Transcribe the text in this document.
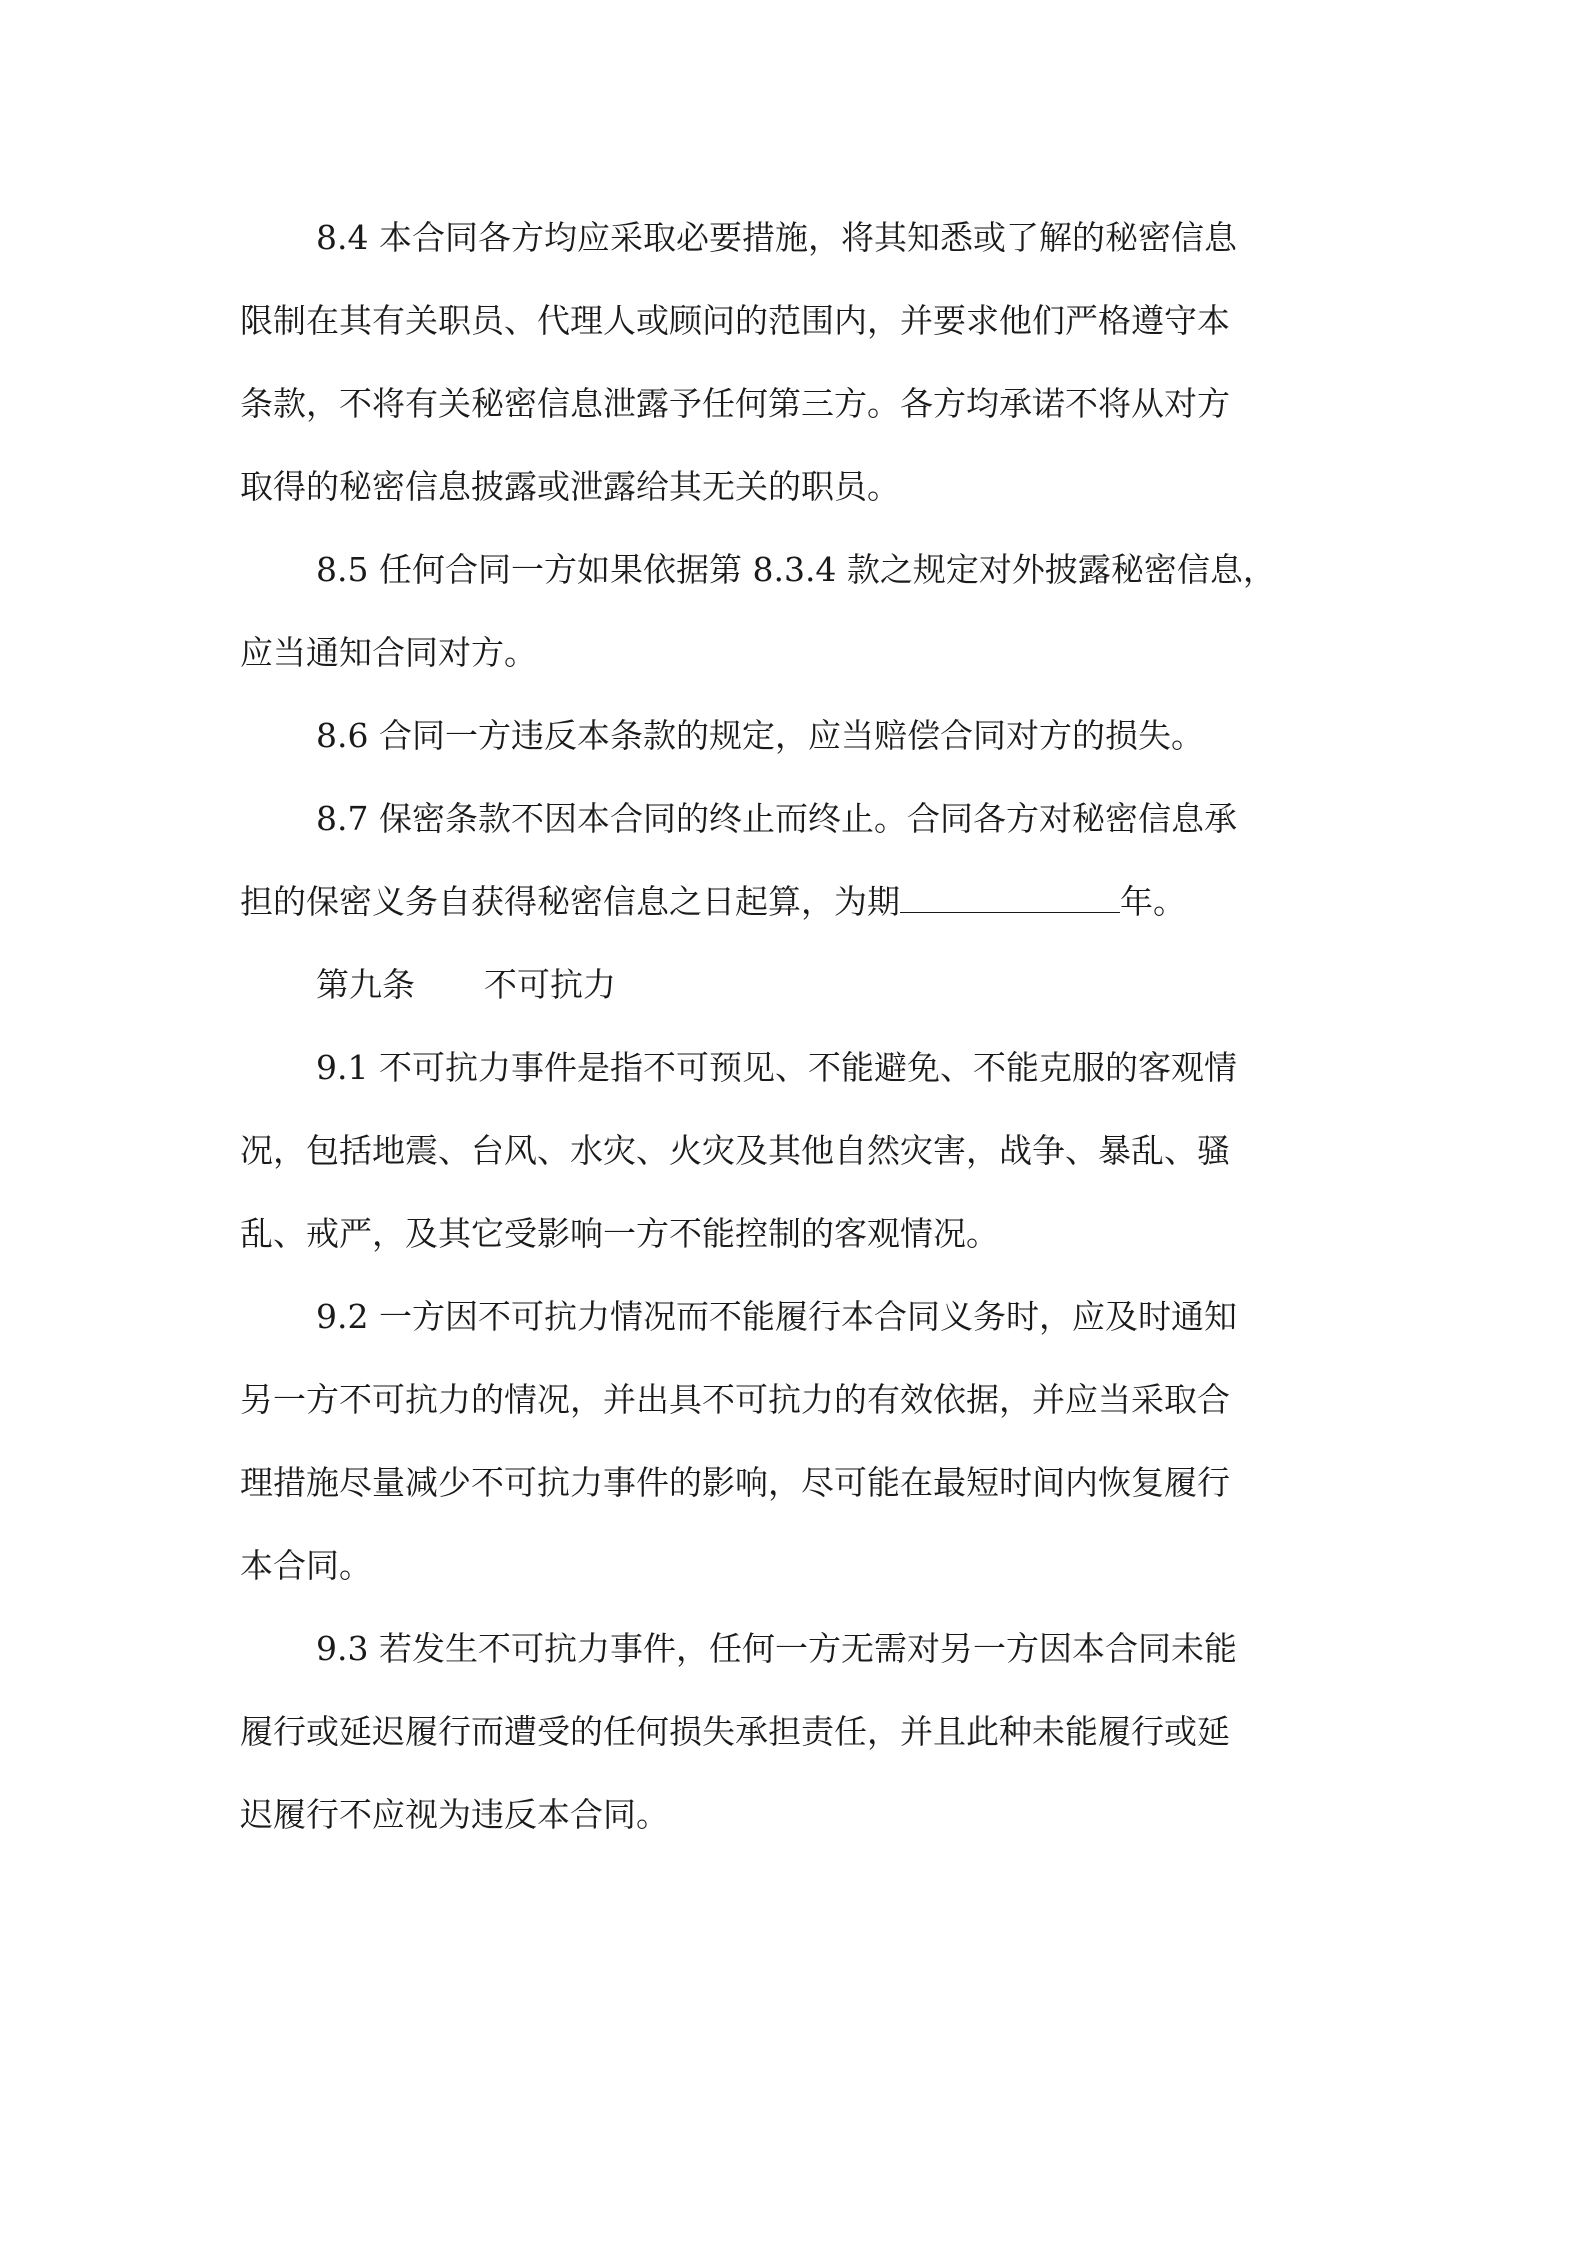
8.4 本合同各方均应采取必要措施，将其知悉或了解的秘密信息
限制在其有关职员、代理人或顾问的范围内，并要求他们严格遵守本
条款，不将有关秘密信息泄露予任何第三方。各方均承诺不将从对方
取得的秘密信息披露或泄露给其无关的职员。
8.5 任何合同一方如果依据第 8.3.4 款之规定对外披露秘密信息，
应当通知合同对方。
8.6 合同一方违反本条款的规定，应当赔偿合同对方的损失。
8.7 保密条款不因本合同的终止而终止。合同各方对秘密信息承
担的保密义务自获得秘密信息之日起算，为期	年。
第九条 不可抗力
9.1 不可抗力事件是指不可预见、不能避免、不能克服的客观情
况，包括地震、台风、水灾、火灾及其他自然灾害，战争、暴乱、骚
乱、戒严，及其它受影响一方不能控制的客观情况。
9.2 一方因不可抗力情况而不能履行本合同义务时，应及时通知
另一方不可抗力的情况，并出具不可抗力的有效依据，并应当采取合
理措施尽量减少不可抗力事件的影响，尽可能在最短时间内恢复履行
本合同。
9.3 若发生不可抗力事件，任何一方无需对另一方因本合同未能
履行或延迟履行而遭受的任何损失承担责任，并且此种未能履行或延
迟履行不应视为违反本合同。
